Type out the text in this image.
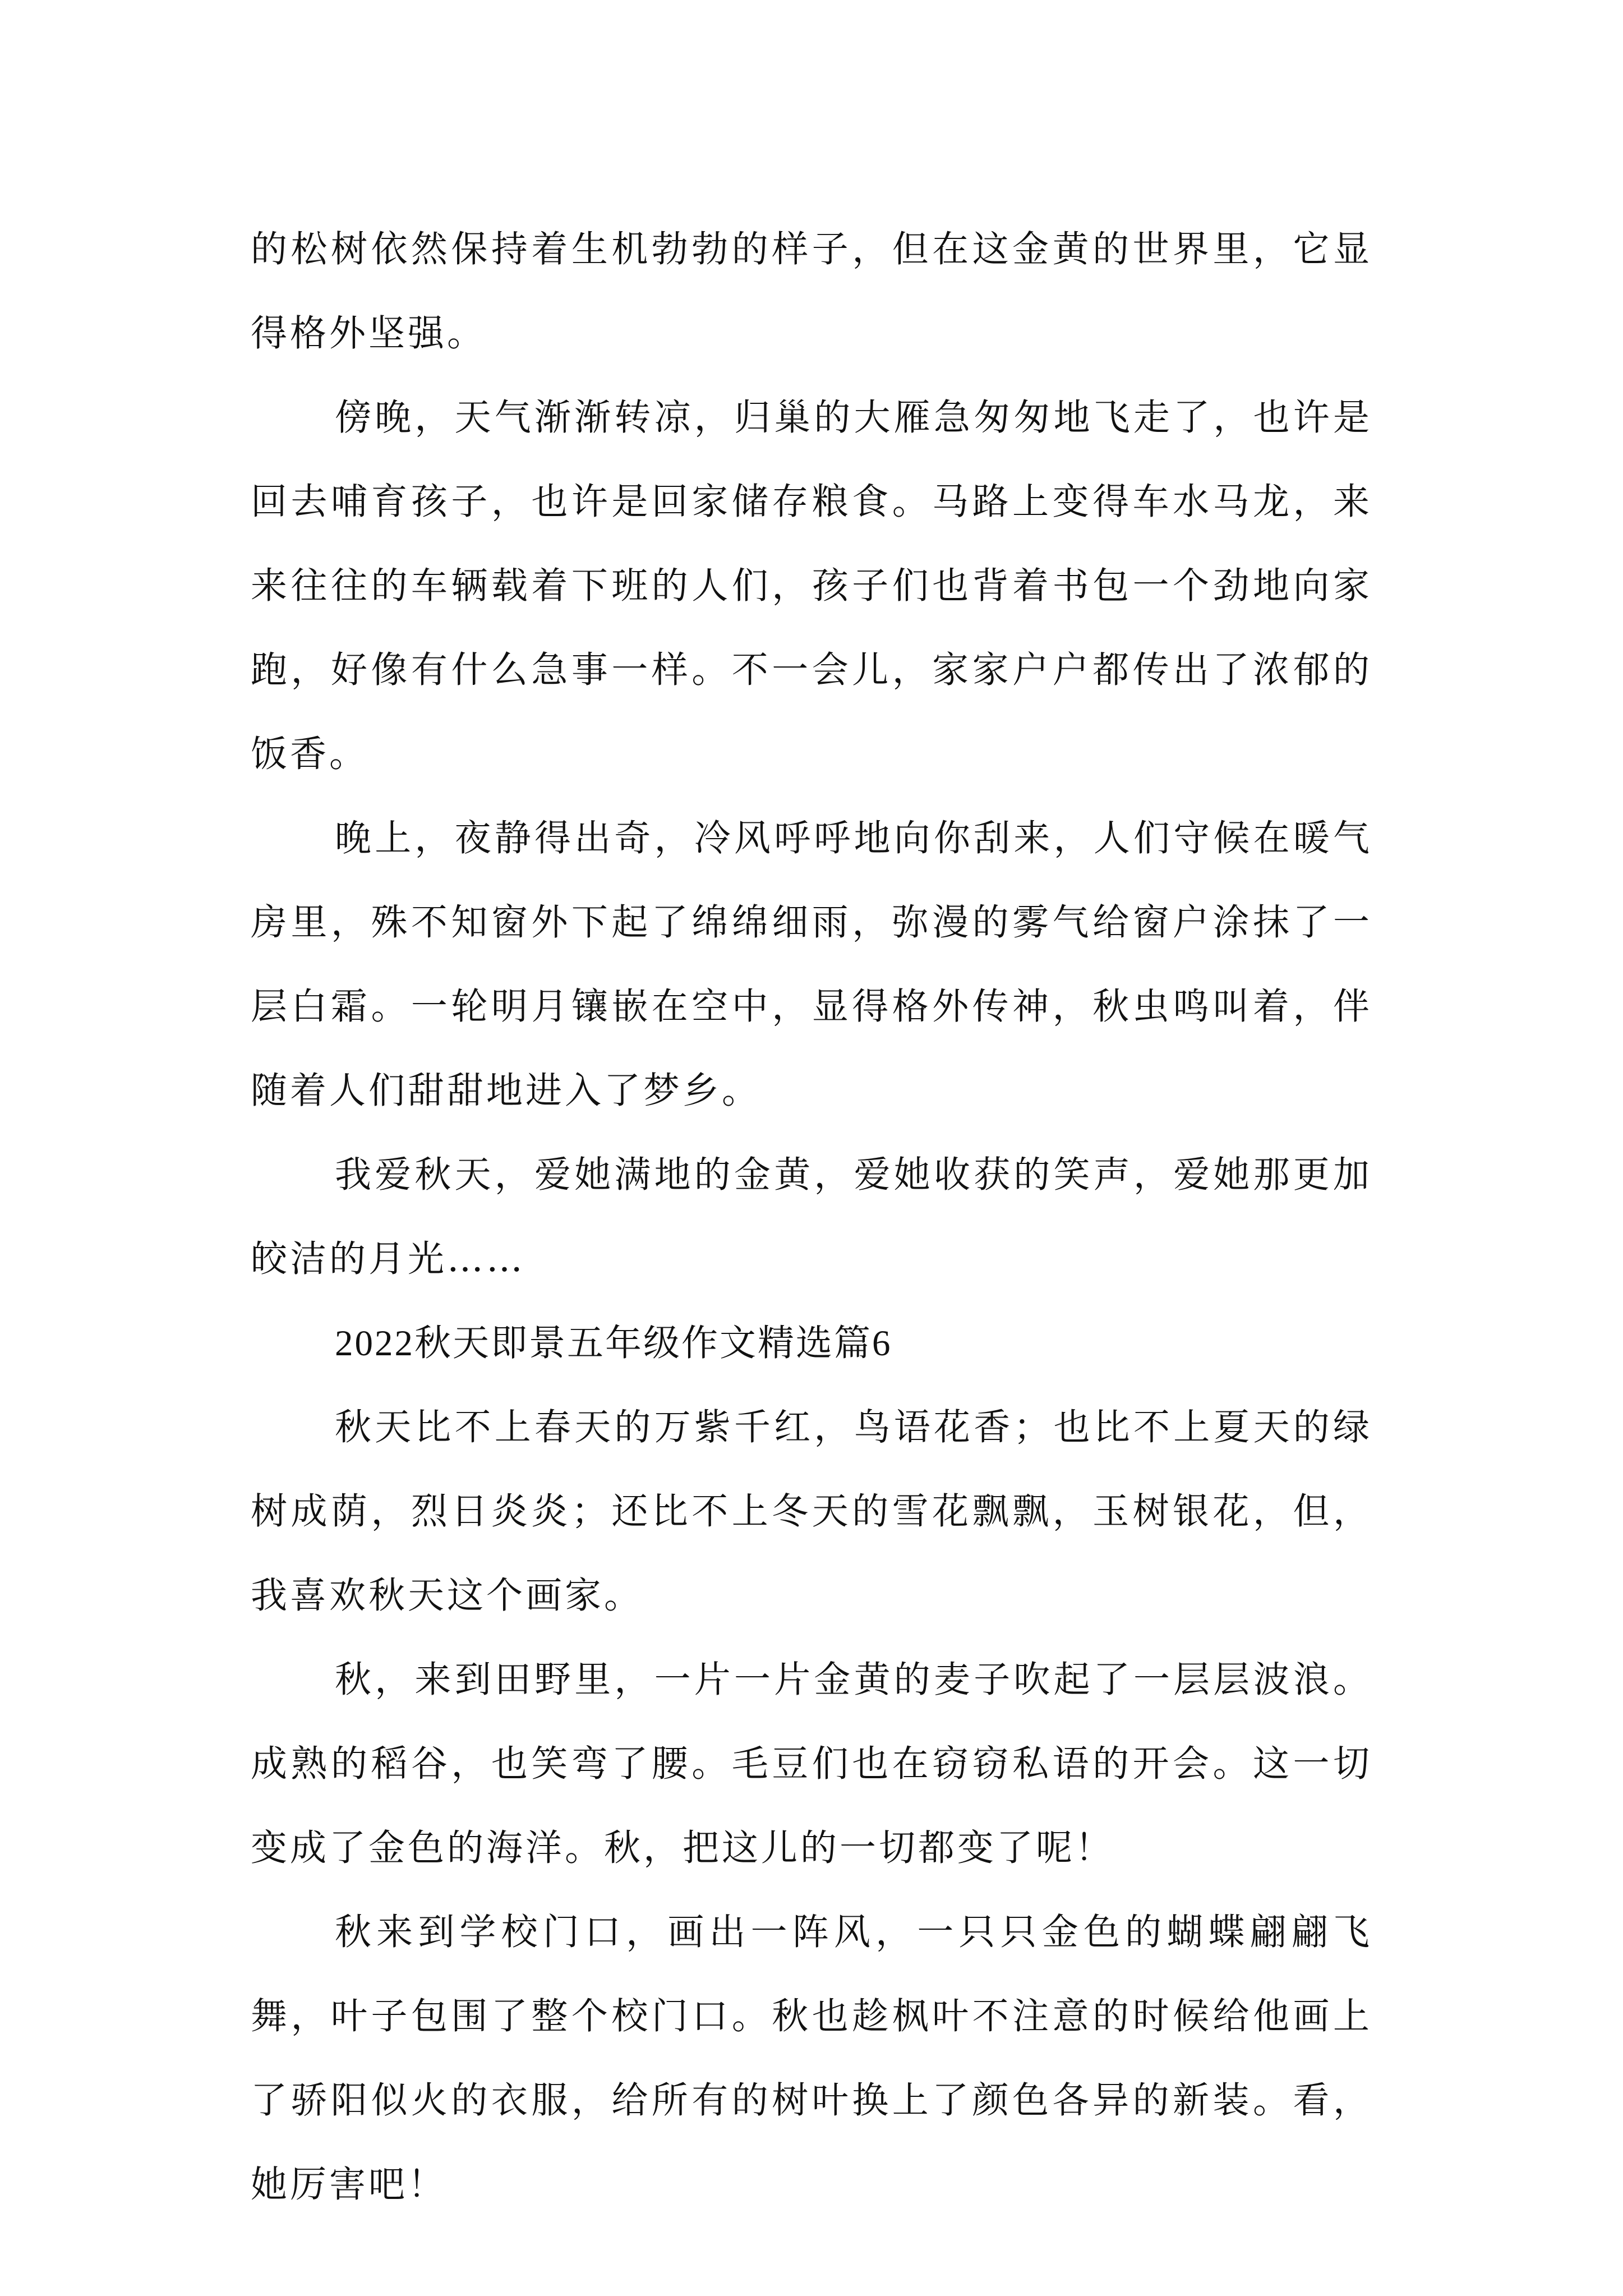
的松树依然保持着生机勃勃的样子，但在这金黄的世界里，它显得格外坚强。

傍晚，天气渐渐转凉，归巢的大雁急匆匆地飞走了，也许是回去哺育孩子，也许是回家储存粮食。马路上变得车水马龙，来来往往的车辆载着下班的人们，孩子们也背着书包一个劲地向家跑，好像有什么急事一样。不一会儿，家家户户都传出了浓郁的饭香。

晚上，夜静得出奇，冷风呼呼地向你刮来，人们守候在暖气房里，殊不知窗外下起了绵绵细雨，弥漫的雾气给窗户涂抹了一层白霜。一轮明月镶嵌在空中，显得格外传神，秋虫鸣叫着，伴随着人们甜甜地进入了梦乡。

我爱秋天，爱她满地的金黄，爱她收获的笑声，爱她那更加皎洁的月光……

2022秋天即景五年级作文精选篇6

秋天比不上春天的万紫千红，鸟语花香；也比不上夏天的绿树成荫，烈日炎炎；还比不上冬天的雪花飘飘，玉树银花，但，我喜欢秋天这个画家。

秋，来到田野里，一片一片金黄的麦子吹起了一层层波浪。成熟的稻谷，也笑弯了腰。毛豆们也在窃窃私语的开会。这一切变成了金色的海洋。秋，把这儿的一切都变了呢！

秋来到学校门口，画出一阵风，一只只金色的蝴蝶翩翩飞舞，叶子包围了整个校门口。秋也趁枫叶不注意的时候给他画上了骄阳似火的衣服，给所有的树叶换上了颜色各异的新装。看，她厉害吧！
